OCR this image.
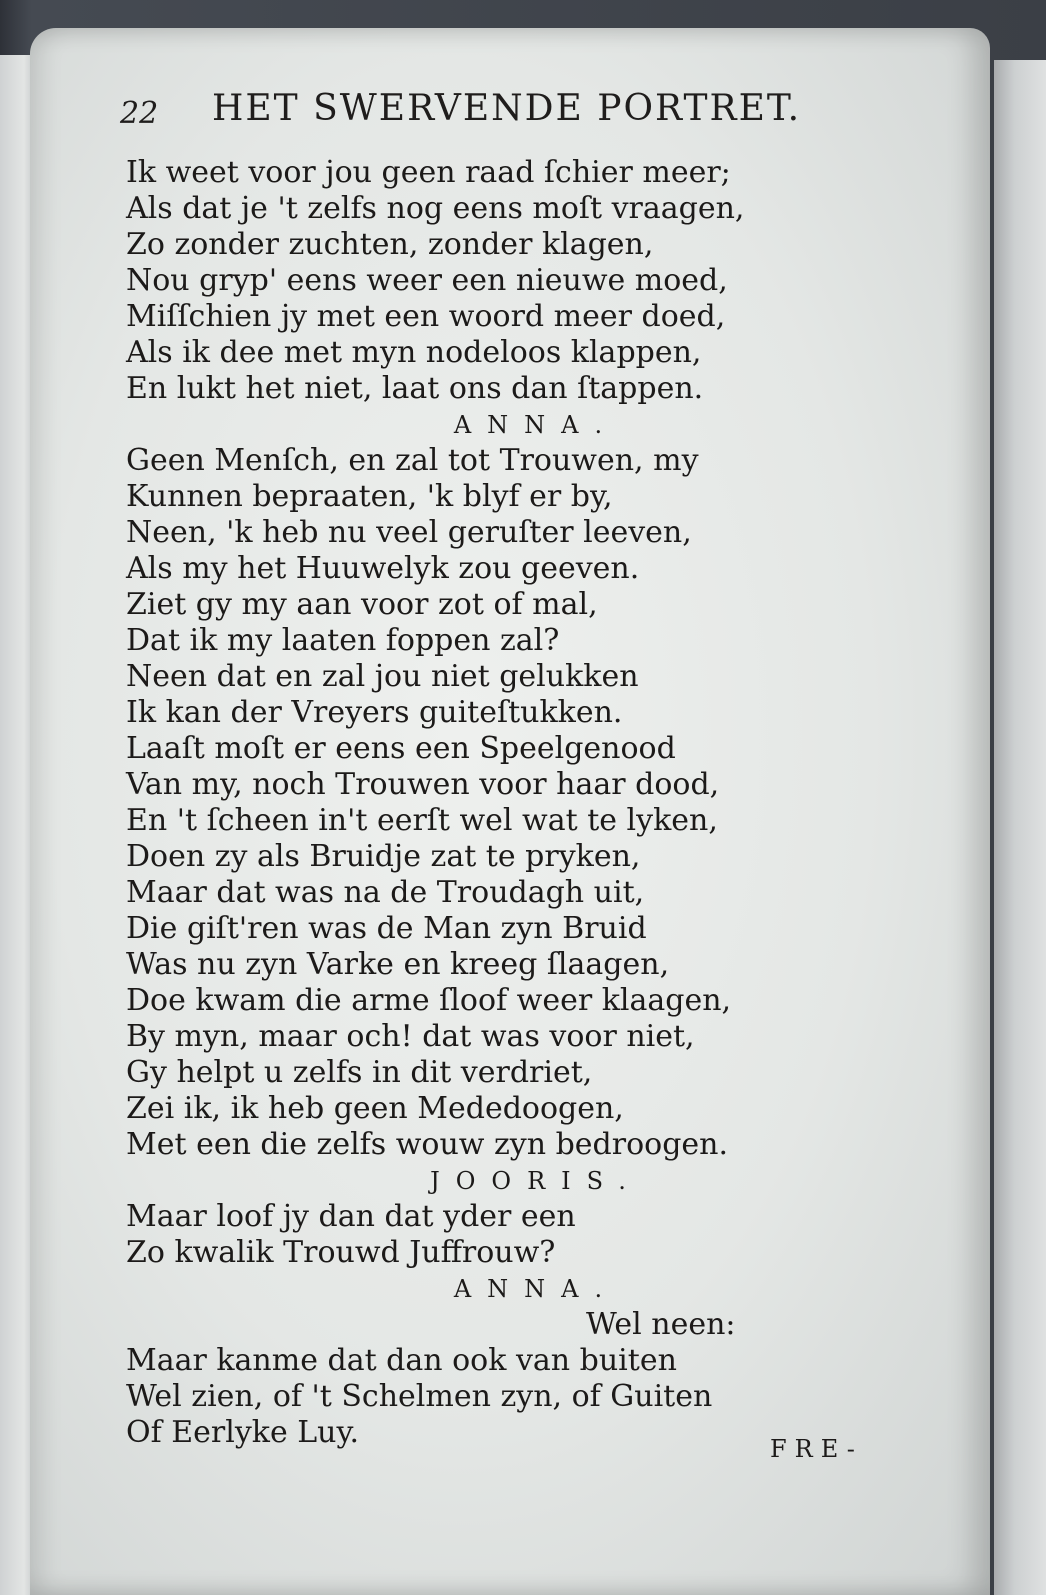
22 HET SWERVENDE PORTRET.
Ik weet voor jou geen raad ſchier meer;
Als dat je 't zelfs nog eens moſt vraagen,
Zo zonder zuchten, zonder klagen,
Nou gryp' eens weer een nieuwe moed,
Miſſchien jy met een woord meer doed,
Als ik dee met myn nodeloos klappen,
En lukt het niet, laat ons dan ſtappen.
ANNA.
Geen Menſch, en zal tot Trouwen, my
Kunnen bepraaten, 'k blyf er by,
Neen, 'k heb nu veel geruſter leeven,
Als my het Huuwelyk zou geeven.
Ziet gy my aan voor zot of mal,
Dat ik my laaten foppen zal?
Neen dat en zal jou niet gelukken
Ik kan der Vreyers guiteſtukken.
Laaſt moſt er eens een Speelgenood
Van my, noch Trouwen voor haar dood,
En 't ſcheen in't eerſt wel wat te lyken,
Doen zy als Bruidje zat te pryken,
Maar dat was na de Troudagh uit,
Die giſt'ren was de Man zyn Bruid
Was nu zyn Varke en kreeg ſlaagen,
Doe kwam die arme ſloof weer klaagen,
By myn, maar och! dat was voor niet,
Gy helpt u zelfs in dit verdriet,
Zei ik, ik heb geen Mededoogen,
Met een die zelfs wouw zyn bedroogen.
JOORIS.
Maar loof jy dan dat yder een
Zo kwalik Trouwd Juffrouw?
ANNA.
Wel neen:
Maar kanme dat dan ook van buiten
Wel zien, of 't Schelmen zyn, of Guiten
Of Eerlyke Luy.	FRE-
